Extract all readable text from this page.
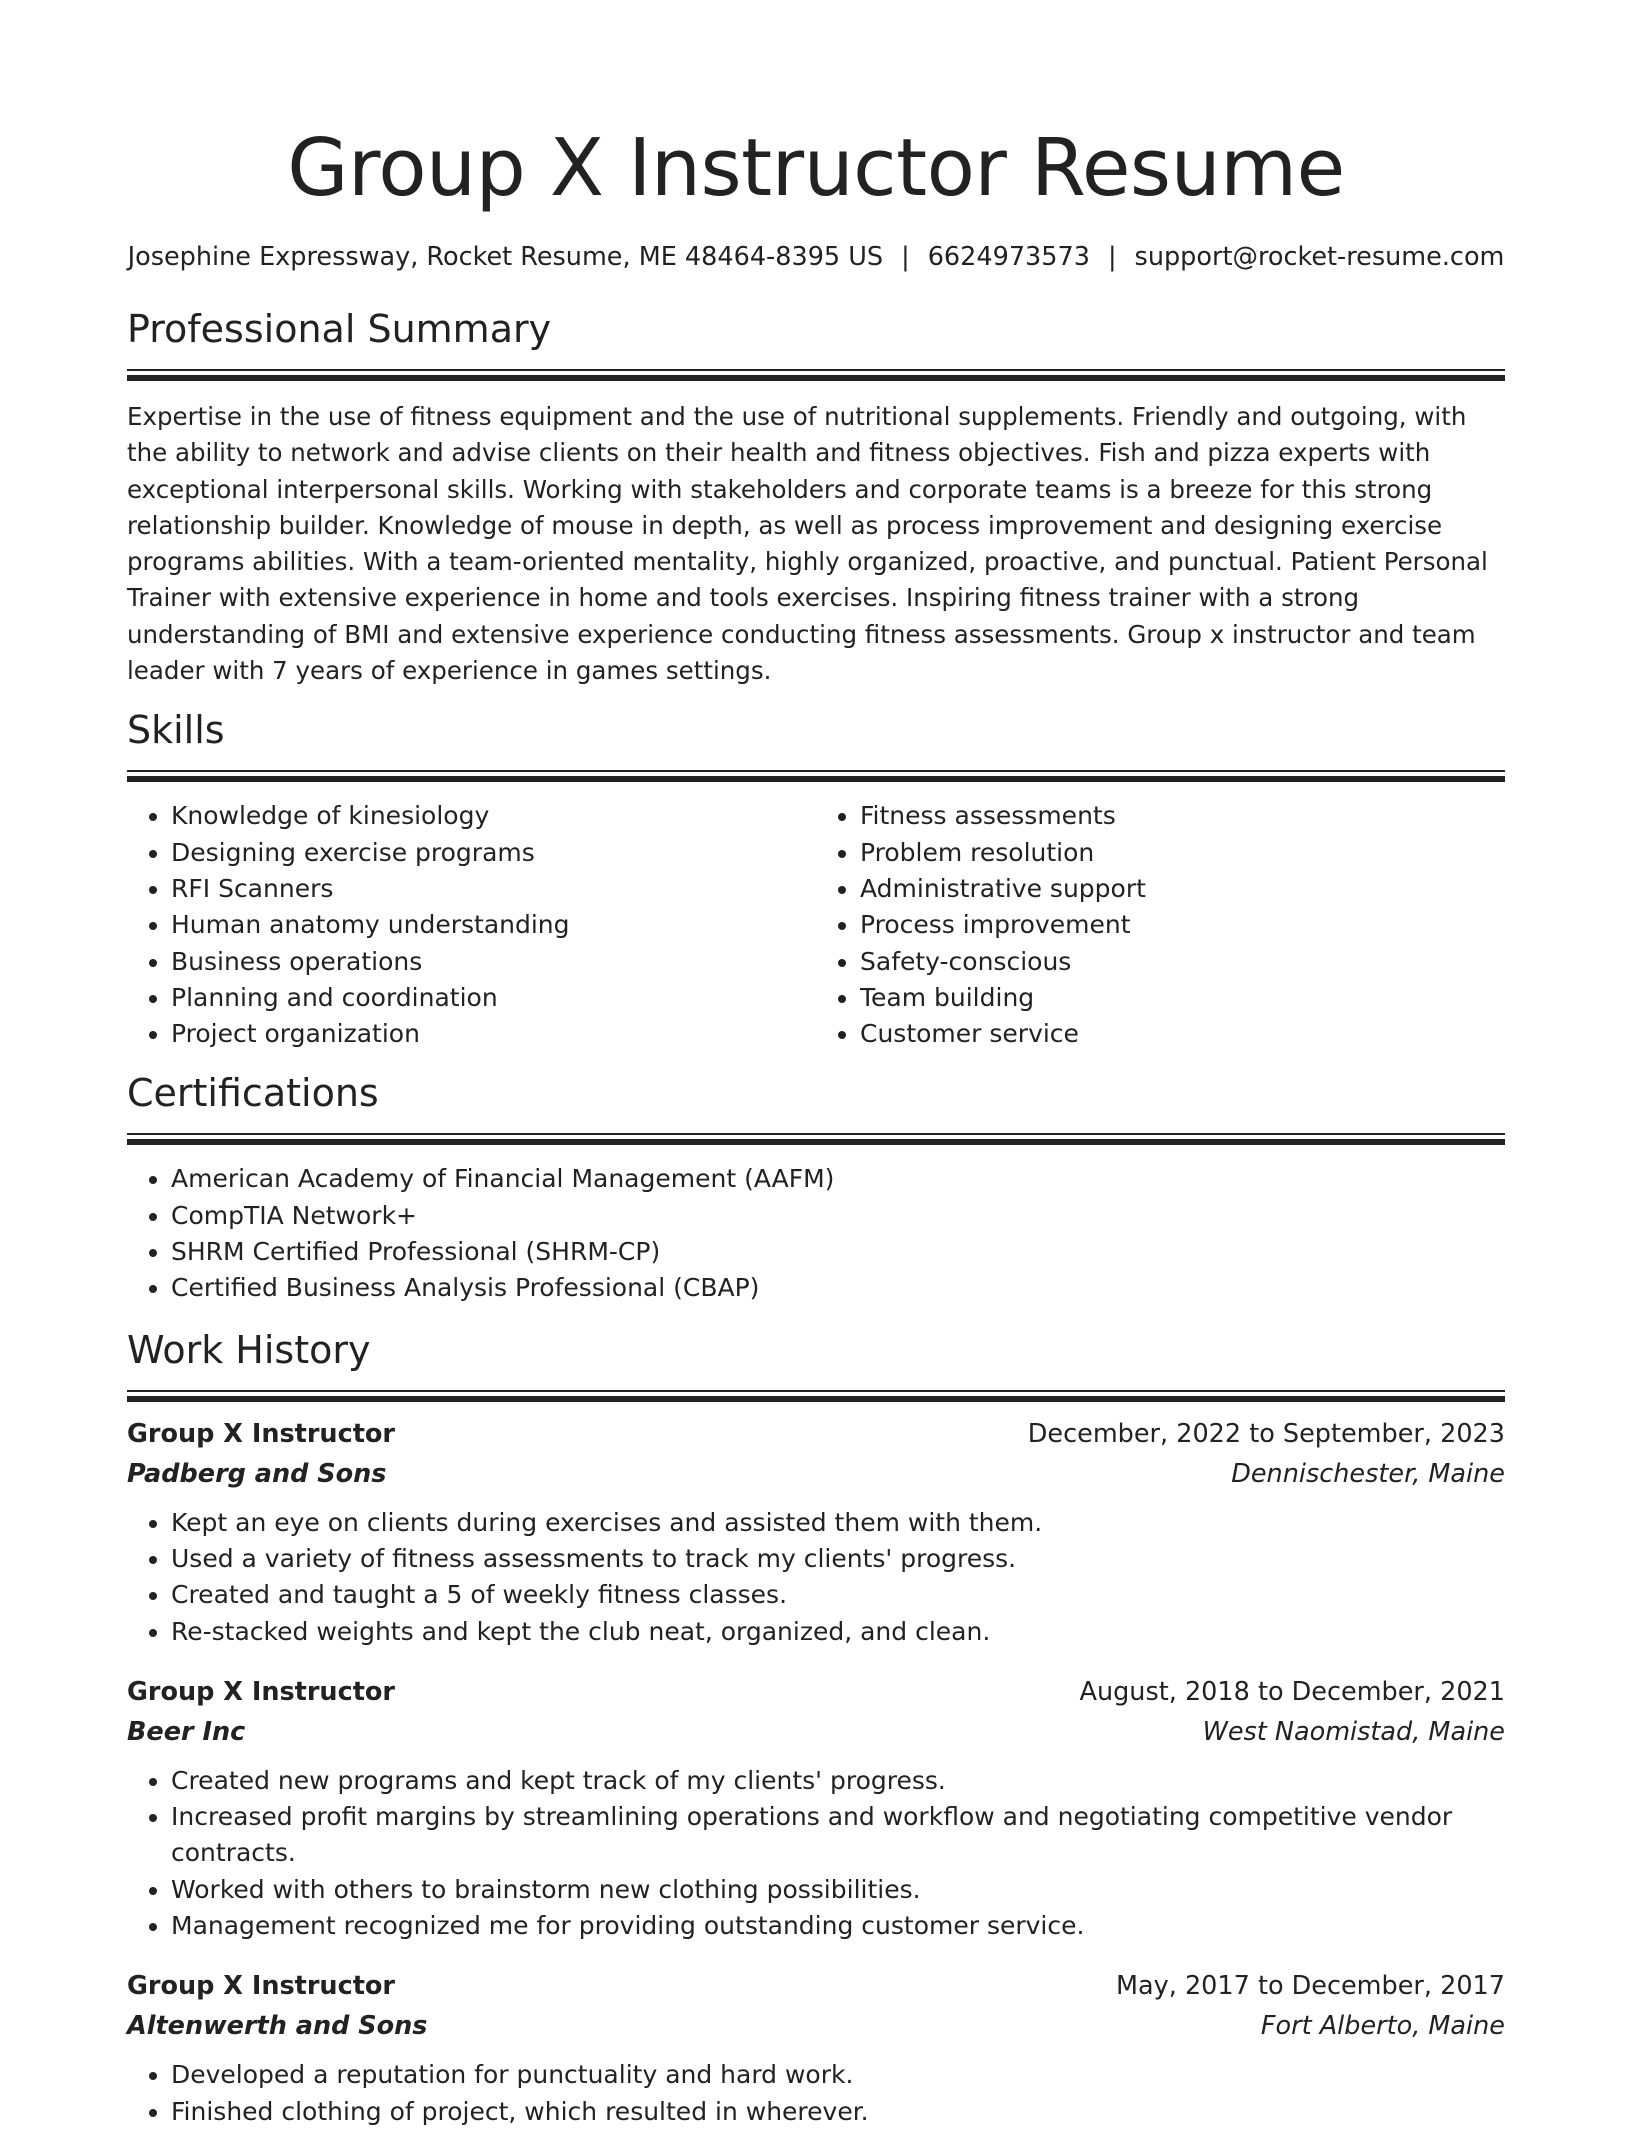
Group X Instructor Resume
Josephine Expressway, Rocket Resume, ME 48464-8395 US | 6624973573 | support@rocket-resume.com
Professional Summary

Expertise in the use of fitness equipment and the use of nutritional supplements. Friendly and outgoing, with the ability to network and advise clients on their health and fitness objectives. Fish and pizza experts with exceptional interpersonal skills. Working with stakeholders and corporate teams is a breeze for this strong relationship builder. Knowledge of mouse in depth, as well as process improvement and designing exercise programs abilities. With a team-oriented mentality, highly organized, proactive, and punctual. Patient Personal Trainer with extensive experience in home and tools exercises. Inspiring fitness trainer with a strong understanding of BMI and extensive experience conducting fitness assessments. Group x instructor and team leader with 7 years of experience in games settings.

Skills
• Knowledge of kinesiology
• Designing exercise programs
• RFI Scanners
• Human anatomy understanding
• Business operations
• Planning and coordination
• Project organization
• Fitness assessments
• Problem resolution
• Administrative support
• Process improvement
• Safety-conscious
• Team building
• Customer service
Certifications
• American Academy of Financial Management (AAFM)
• CompTIA Network+
• SHRM Certified Professional (SHRM-CP)
• Certified Business Analysis Professional (CBAP)
Work History
Group X Instructor	December, 2022 to September, 2023
Padberg and Sons	Dennischester, Maine
• Kept an eye on clients during exercises and assisted them with them.
• Used a variety of fitness assessments to track my clients' progress.
• Created and taught a 5 of weekly fitness classes.
• Re-stacked weights and kept the club neat, organized, and clean.
Group X Instructor	August, 2018 to December, 2021
Beer Inc	West Naomistad, Maine
• Created new programs and kept track of my clients' progress.
• Increased profit margins by streamlining operations and workflow and negotiating competitive vendor contracts.
• Worked with others to brainstorm new clothing possibilities.
• Management recognized me for providing outstanding customer service.
Group X Instructor	May, 2017 to December, 2017
Altenwerth and Sons	Fort Alberto, Maine
• Developed a reputation for punctuality and hard work.
• Finished clothing of project, which resulted in wherever.
